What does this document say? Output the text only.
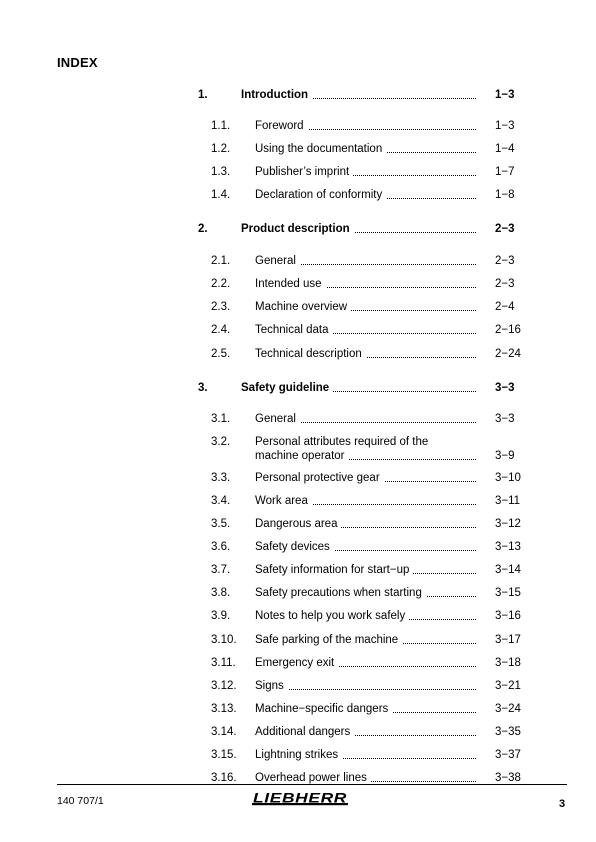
INDEX
1.	Introduction	1−3
1.1. Foreword	1−3
1.2. Using the documentation	1−4
1.3. Publisher’s imprint	1−7
1.4. Declaration of conformity	1−8
2.	Product description	2−3
2.1. General	2−3
2.2. Intended use	2−3
2.3. Machine overview	2−4
2.4. Technical data	2−16
2.5. Technical description	2−24
3.	Safety guideline	3−3
3.1. General	3−3
3.2. Personal attributes required of the
machine operator	3−9
3.3. Personal protective gear	3−10
3.4. Work area	3−11
3.5. Dangerous area	3−12
3.6. Safety devices	3−13
3.7. Safety information for start−up	3−14
3.8. Safety precautions when starting	3−15
3.9. Notes to help you work safely	3−16
3.10. Safe parking of the machine	3−17
3.11. Emergency exit	3−18
3.12. Signs	3−21
3.13. Machine−specific dangers	3−24
3.14. Additional dangers	3−35
3.15. Lightning strikes	3−37
3.16. Overhead power lines	3−38
140 707/1	LIEBHERR	3
